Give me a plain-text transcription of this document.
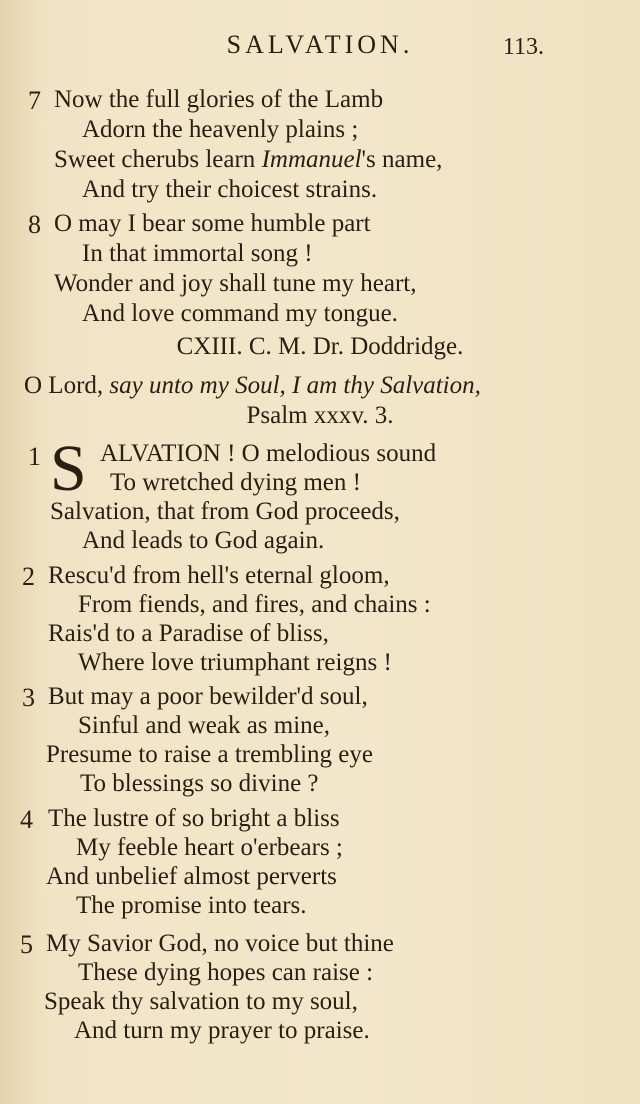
SALVATION.	113.
7 Now the full glories of the Lamb
Adorn the heavenly plains ;
Sweet cherubs learn Immanuel's name,
And try their choicest strains.
8 O may I bear some humble part
In that immortal song !
Wonder and joy shall tune my heart,
And love command my tongue.
CXIII. C. M. Dr. Doddridge.
O Lord, say unto my Soul, I am thy Salvation,
Psalm xxxv. 3.
1 S ALVATION ! O melodious sound
To wretched dying men !
Salvation, that from God proceeds,
And leads to God again.
2 Rescu'd from hell's eternal gloom,
From fiends, and fires, and chains :
Rais'd to a Paradise of bliss,
Where love triumphant reigns !
3 But may a poor bewilder'd soul,
Sinful and weak as mine,
Presume to raise a trembling eye
To blessings so divine ?
4 The lustre of so bright a bliss
My feeble heart o'erbears ;
And unbelief almost perverts
The promise into tears.
5 My Savior God, no voice but thine
These dying hopes can raise :
Speak thy salvation to my soul,
And turn my prayer to praise.
